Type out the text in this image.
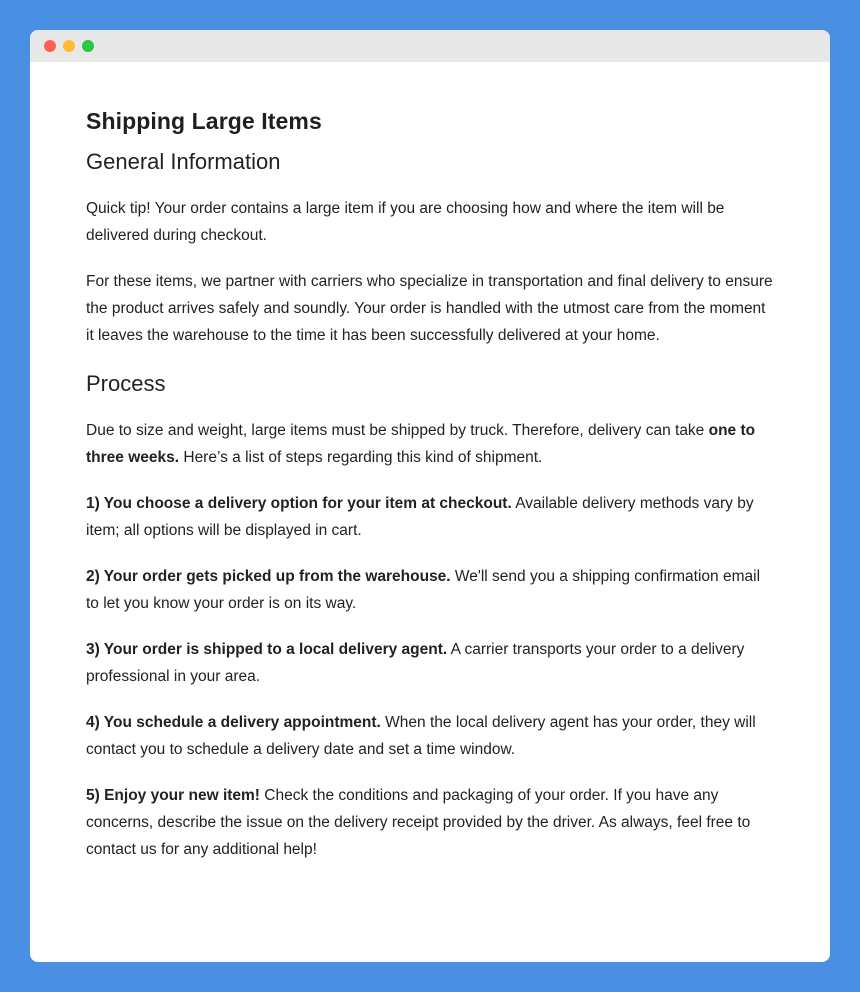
Shipping Large Items
General Information

Quick tip! Your order contains a large item if you are choosing how and where the item will be delivered during checkout.

For these items, we partner with carriers who specialize in transportation and final delivery to ensure the product arrives safely and soundly. Your order is handled with the utmost care from the moment it leaves the warehouse to the time it has been successfully delivered at your home.

Process

Due to size and weight, large items must be shipped by truck. Therefore, delivery can take one to three weeks. Here’s a list of steps regarding this kind of shipment.

1) You choose a delivery option for your item at checkout. Available delivery methods vary by item; all options will be displayed in cart.

2) Your order gets picked up from the warehouse. We'll send you a shipping confirmation email to let you know your order is on its way.

3) Your order is shipped to a local delivery agent. A carrier transports your order to a delivery professional in your area.

4) You schedule a delivery appointment. When the local delivery agent has your order, they will contact you to schedule a delivery date and set a time window.

5) Enjoy your new item! Check the conditions and packaging of your order. If you have any concerns, describe the issue on the delivery receipt provided by the driver. As always, feel free to contact us for any additional help!
